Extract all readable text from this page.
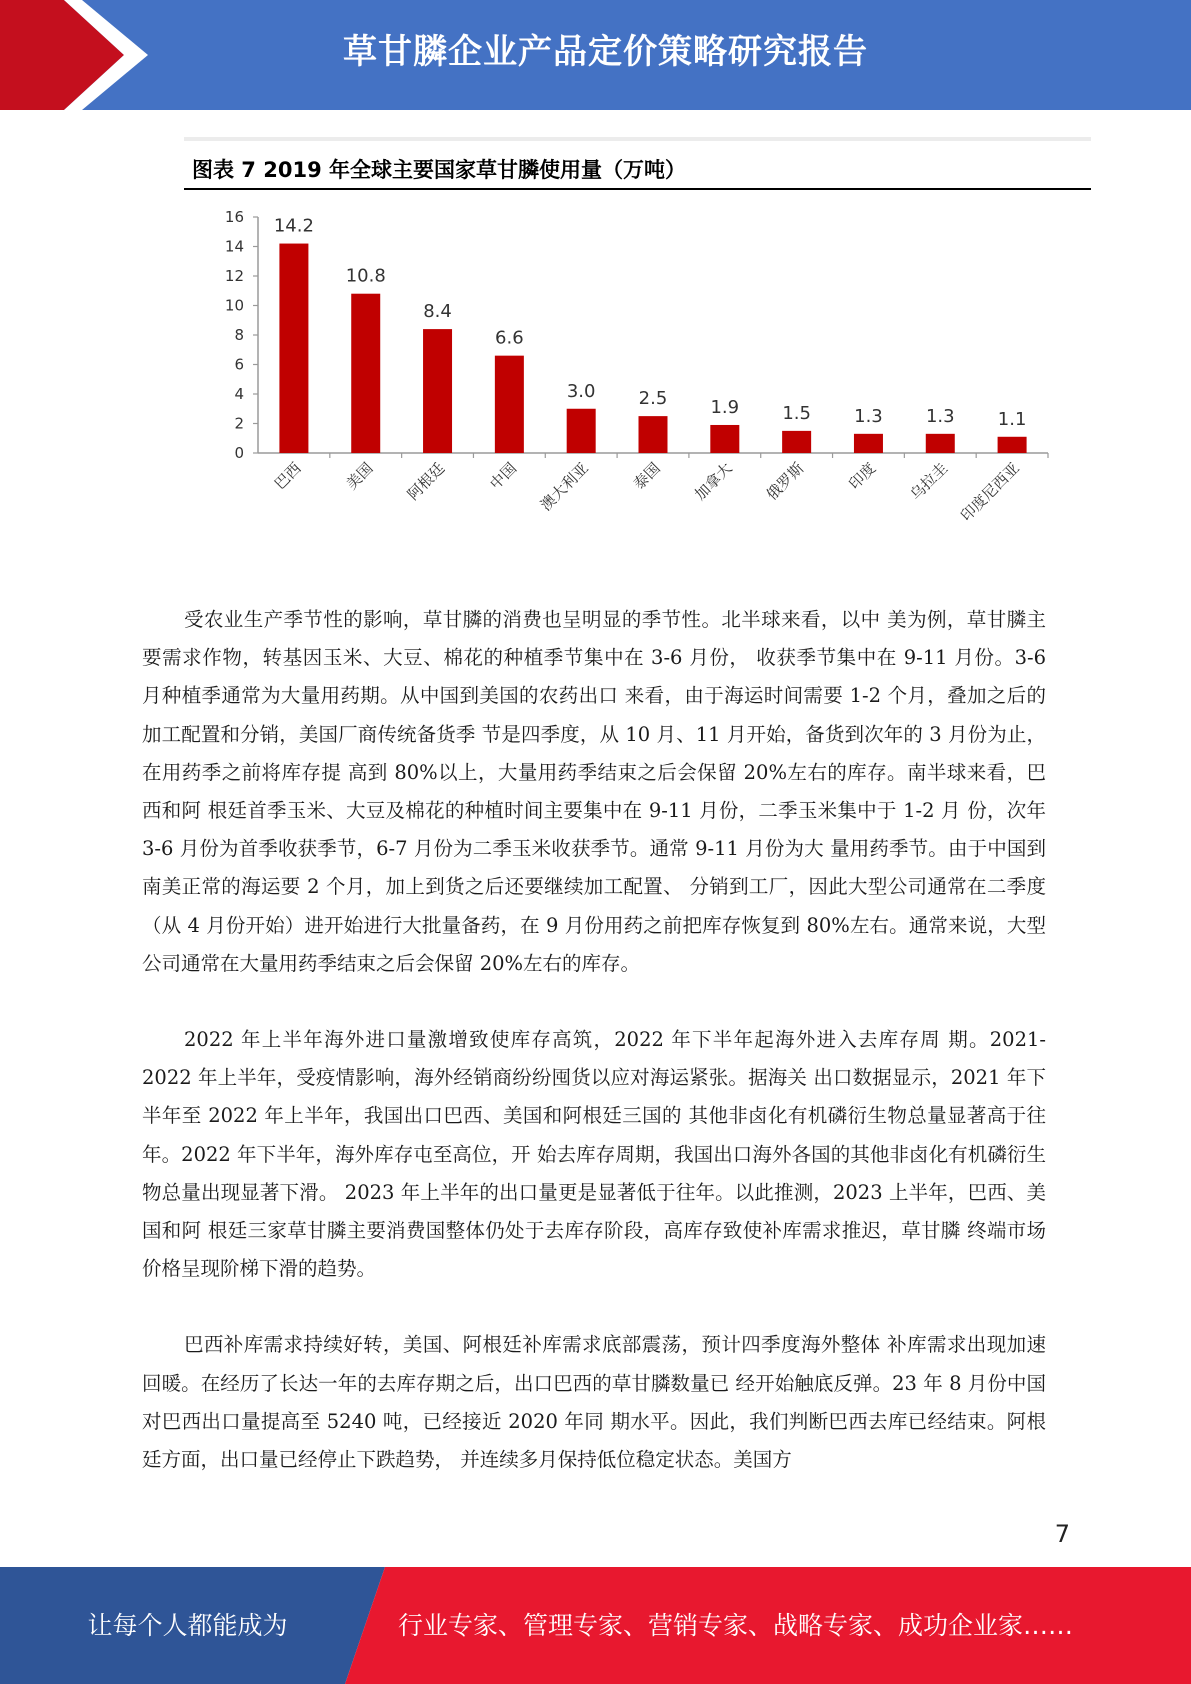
草甘膦企业产品定价策略研究报告
图表 7 2019 年全球主要国家草甘膦使用量（万吨）
0
2
4
6
8
10
12
14
16 14.2
巴西
10.8
美国
8.4
阿根廷
6.6
中国
3.0
澳大利亚
2.5
泰国
1.9
加拿大
1.5
俄罗斯
1.3
印度
1.3
乌拉圭
1.1
印度尼西亚

受农业生产季节性的影响，草甘膦的消费也呈明显的季节性。北半球来看，以中 美为例，草甘膦主要需求作物，转基因玉米、大豆、棉花的种植季节集中在 3-6 月份， 收获季节集中在 9-11 月份。3-6 月种植季通常为大量用药期。从中国到美国的农药出口 来看，由于海运时间需要 1-2 个月，叠加之后的加工配置和分销，美国厂商传统备货季 节是四季度，从 10 月、11 月开始，备货到次年的 3 月份为止，在用药季之前将库存提 高到 80%以上，大量用药季结束之后会保留 20%左右的库存。南半球来看，巴西和阿 根廷首季玉米、大豆及棉花的种植时间主要集中在 9-11 月份，二季玉米集中于 1-2 月 份，次年 3-6 月份为首季收获季节，6-7 月份为二季玉米收获季节。通常 9-11 月份为大 量用药季节。由于中国到南美正常的海运要 2 个月，加上到货之后还要继续加工配置、 分销到工厂，因此大型公司通常在二季度（从 4 月份开始）进开始进行大批量备药，在 9 月份用药之前把库存恢复到 80%左右。通常来说，大型公司通常在大量用药季结束之后会保留 20%左右的库存。

2022 年上半年海外进口量激增致使库存高筑，2022 年下半年起海外进入去库存周 期。2021-2022 年上半年，受疫情影响，海外经销商纷纷囤货以应对海运紧张。据海关 出口数据显示，2021 年下半年至 2022 年上半年，我国出口巴西、美国和阿根廷三国的 其他非卤化有机磷衍生物总量显著高于往年。2022 年下半年，海外库存屯至高位，开 始去库存周期，我国出口海外各国的其他非卤化有机磷衍生物总量出现显著下滑。 2023 年上半年的出口量更是显著低于往年。以此推测，2023 上半年，巴西、美国和阿 根廷三家草甘膦主要消费国整体仍处于去库存阶段，高库存致使补库需求推迟，草甘膦 终端市场价格呈现阶梯下滑的趋势。

巴西补库需求持续好转，美国、阿根廷补库需求底部震荡，预计四季度海外整体 补库需求出现加速回暖。在经历了长达一年的去库存期之后，出口巴西的草甘膦数量已 经开始触底反弹。23 年 8 月份中国对巴西出口量提高至 5240 吨，已经接近 2020 年同 期水平。因此，我们判断巴西去库已经结束。阿根廷方面，出口量已经停止下跌趋势， 并连续多月保持低位稳定状态。美国方

7
让每个人都能成为	行业专家、管理专家、营销专家、战略专家、成功企业家……
